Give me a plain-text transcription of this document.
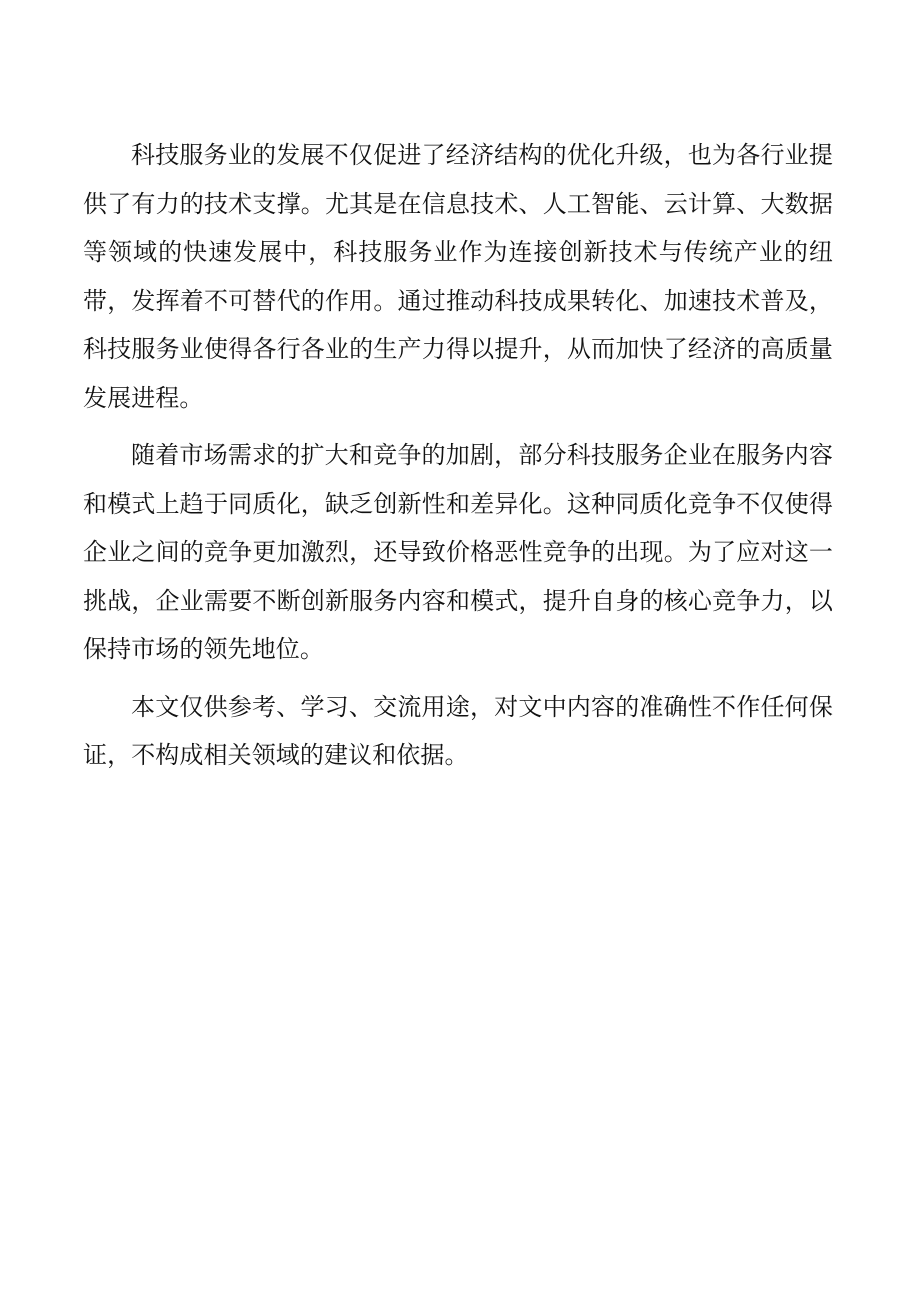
科技服务业的发展不仅促进了经济结构的优化升级，也为各行业提供了有力的技术支撑。尤其是在信息技术、人工智能、云计算、大数据等领域的快速发展中，科技服务业作为连接创新技术与传统产业的纽带，发挥着不可替代的作用。通过推动科技成果转化、加速技术普及，科技服务业使得各行各业的生产力得以提升，从而加快了经济的高质量发展进程。

随着市场需求的扩大和竞争的加剧，部分科技服务企业在服务内容和模式上趋于同质化，缺乏创新性和差异化。这种同质化竞争不仅使得企业之间的竞争更加激烈，还导致价格恶性竞争的出现。为了应对这一挑战，企业需要不断创新服务内容和模式，提升自身的核心竞争力，以保持市场的领先地位。

本文仅供参考、学习、交流用途，对文中内容的准确性不作任何保证，不构成相关领域的建议和依据。
